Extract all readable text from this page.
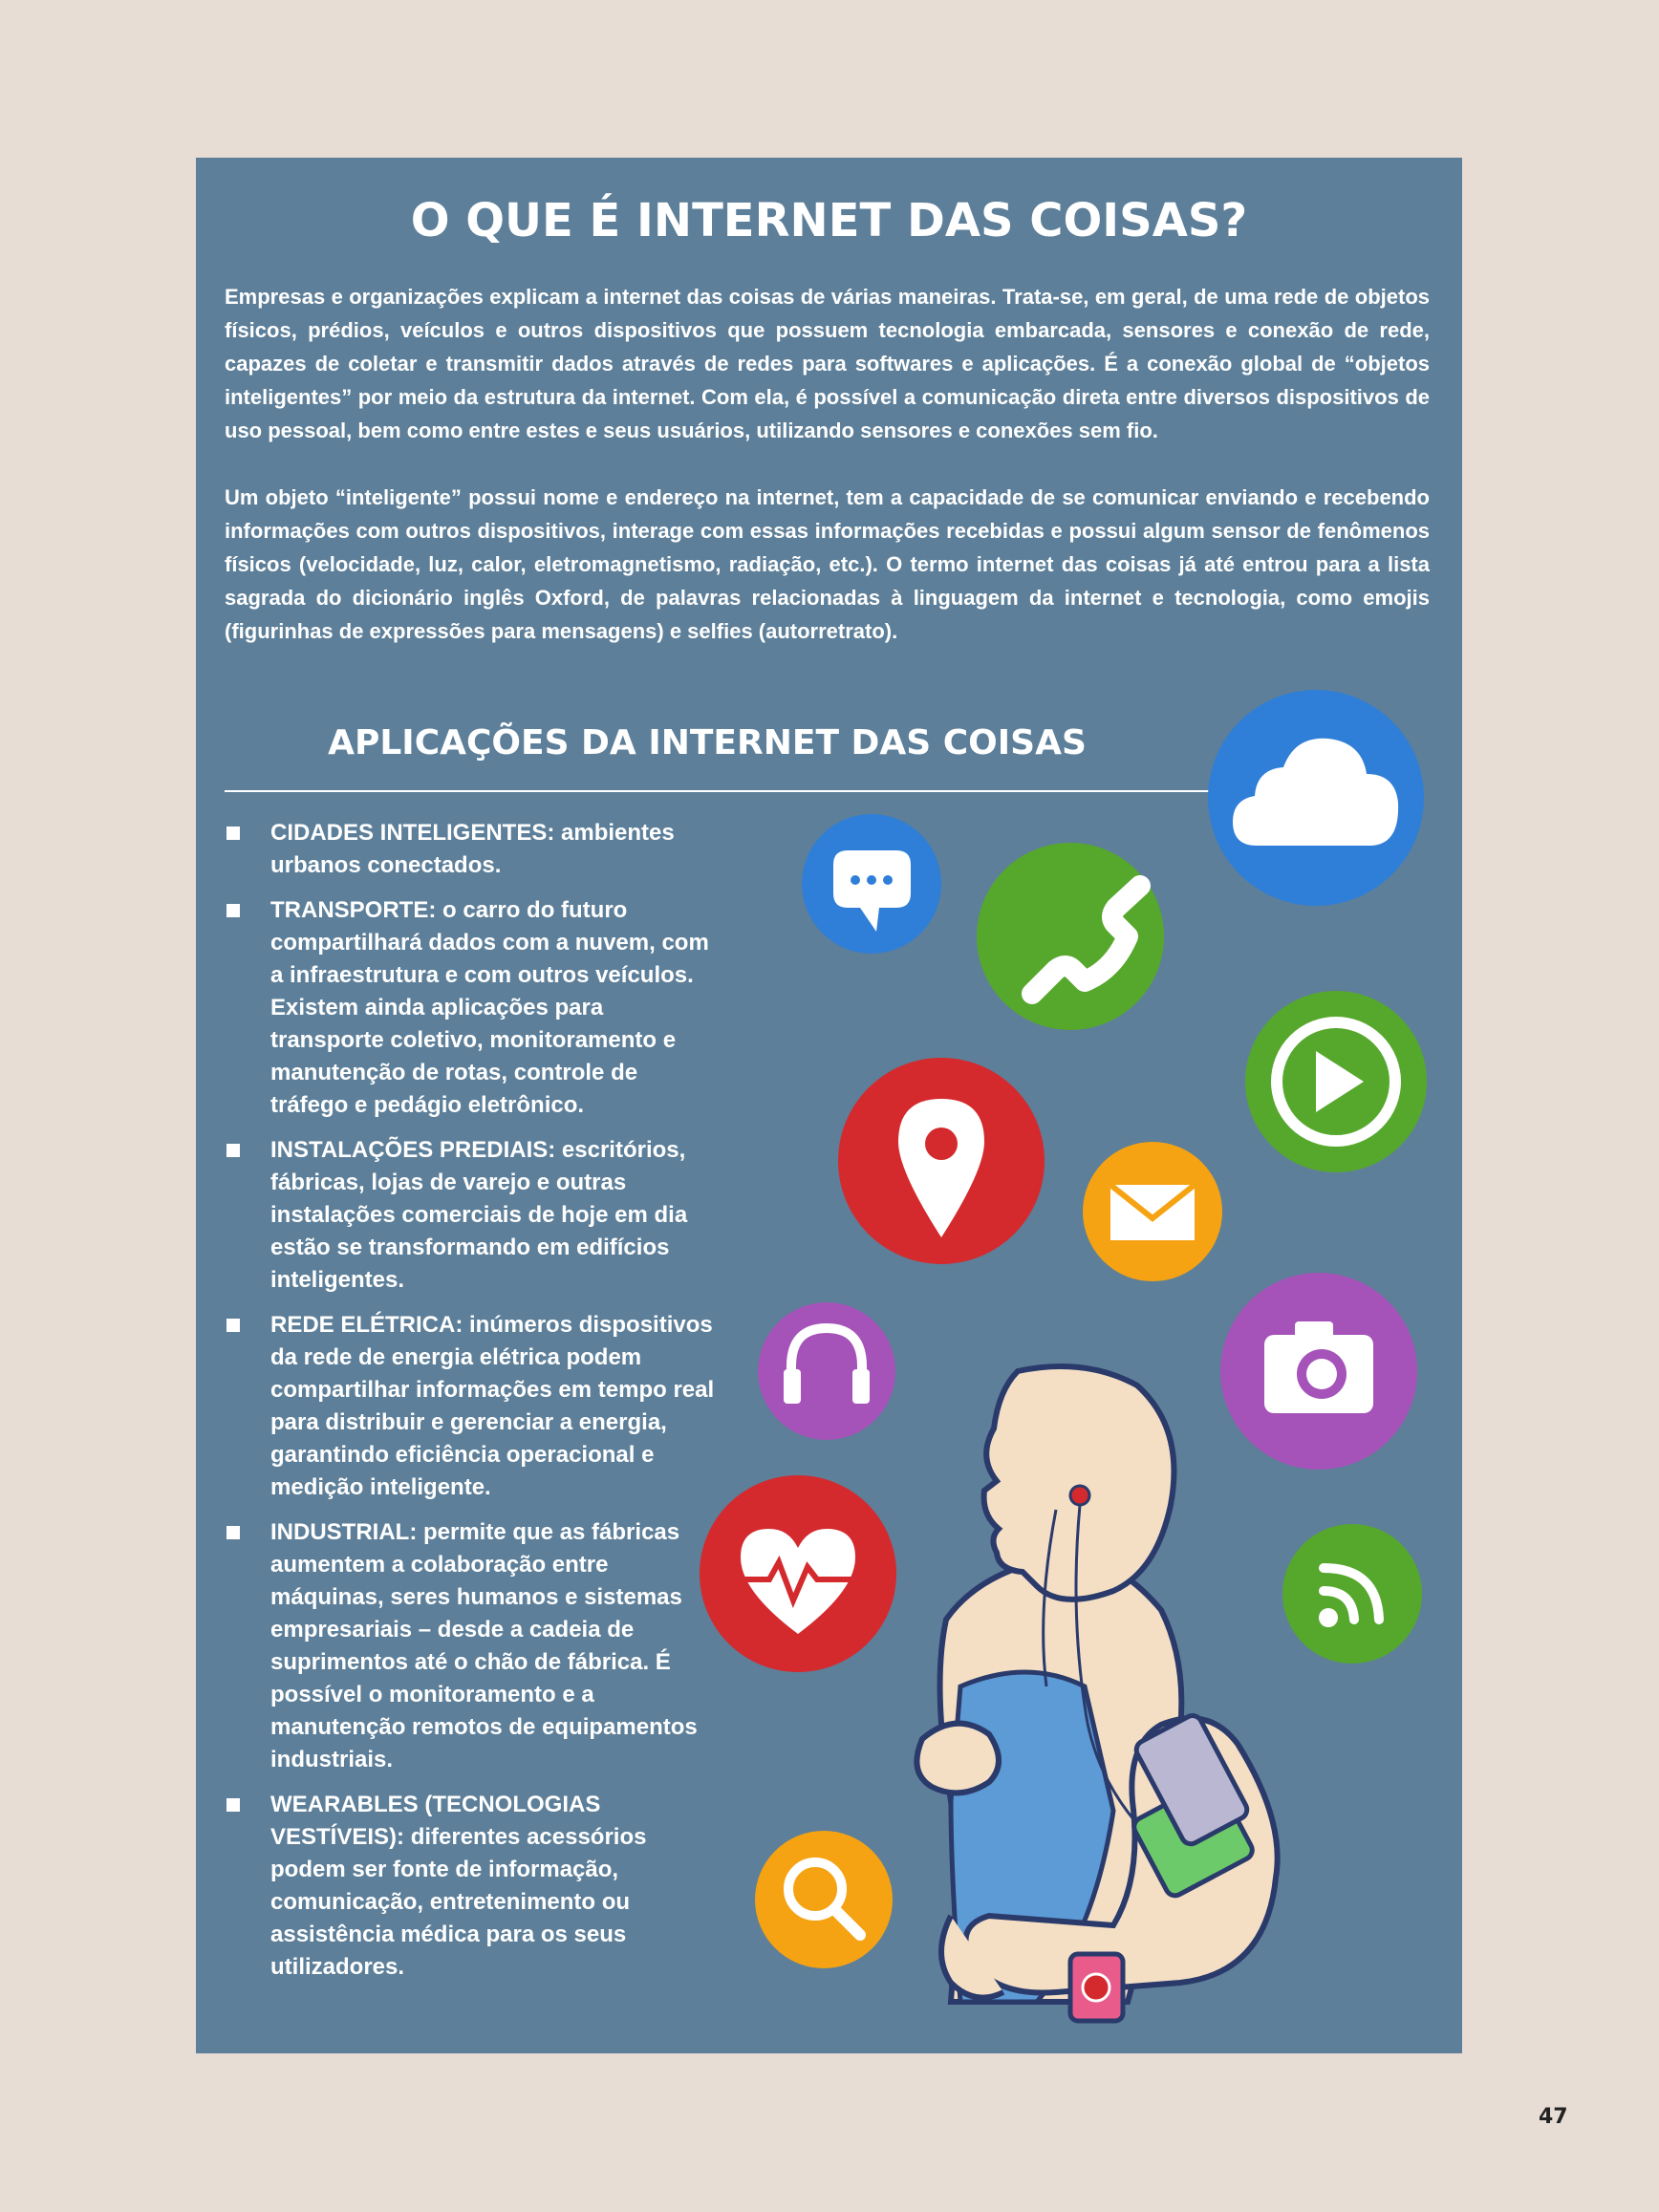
O QUE É INTERNET DAS COISAS?

Empresas e organizações explicam a internet das coisas de várias maneiras. Trata-se, em geral, de uma rede de objetos físicos, prédios, veículos e outros dispositivos que possuem tecnologia embarcada, sensores e conexão de rede, capazes de coletar e transmitir dados através de redes para softwares e aplicações. É a conexão global de “objetos inteligentes” por meio da estrutura da internet. Com ela, é possível a comunicação direta entre diversos dispositivos de uso pessoal, bem como entre estes e seus usuários, utilizando sensores e conexões sem fio.

Um objeto “inteligente” possui nome e endereço na internet, tem a capacidade de se comunicar enviando e recebendo informações com outros dispositivos, interage com essas informações recebidas e possui algum sensor de fenômenos físicos (velocidade, luz, calor, eletromagnetismo, radiação, etc.). O termo internet das coisas já até entrou para a lista sagrada do dicionário inglês Oxford, de palavras relacionadas à linguagem da internet e tecnologia, como emojis (figurinhas de expressões para mensagens) e selfies (autorretrato).

APLICAÇÕES DA INTERNET DAS COISAS
CIDADES INTELIGENTES: ambientes urbanos conectados.
TRANSPORTE: o carro do futuro compartilhará dados com a nuvem, com a infraestrutura e com outros veículos. Existem ainda aplicações para transporte coletivo, monitoramento e manutenção de rotas, controle de tráfego e pedágio eletrônico.
INSTALAÇÕES PREDIAIS: escritórios, fábricas, lojas de varejo e outras instalações comerciais de hoje em dia estão se transformando em edifícios inteligentes.
REDE ELÉTRICA: inúmeros dispositivos da rede de energia elétrica podem compartilhar informações em tempo real para distribuir e gerenciar a energia, garantindo eficiência operacional e medição inteligente.
INDUSTRIAL: permite que as fábricas aumentem a colaboração entre máquinas, seres humanos e sistemas empresariais – desde a cadeia de suprimentos até o chão de fábrica. É possível o monitoramento e a manutenção remotos de equipamentos industriais.
WEARABLES (TECNOLOGIAS VESTÍVEIS): diferentes acessórios podem ser fonte de informação, comunicação, entretenimento ou assistência médica para os seus utilizadores.
47
